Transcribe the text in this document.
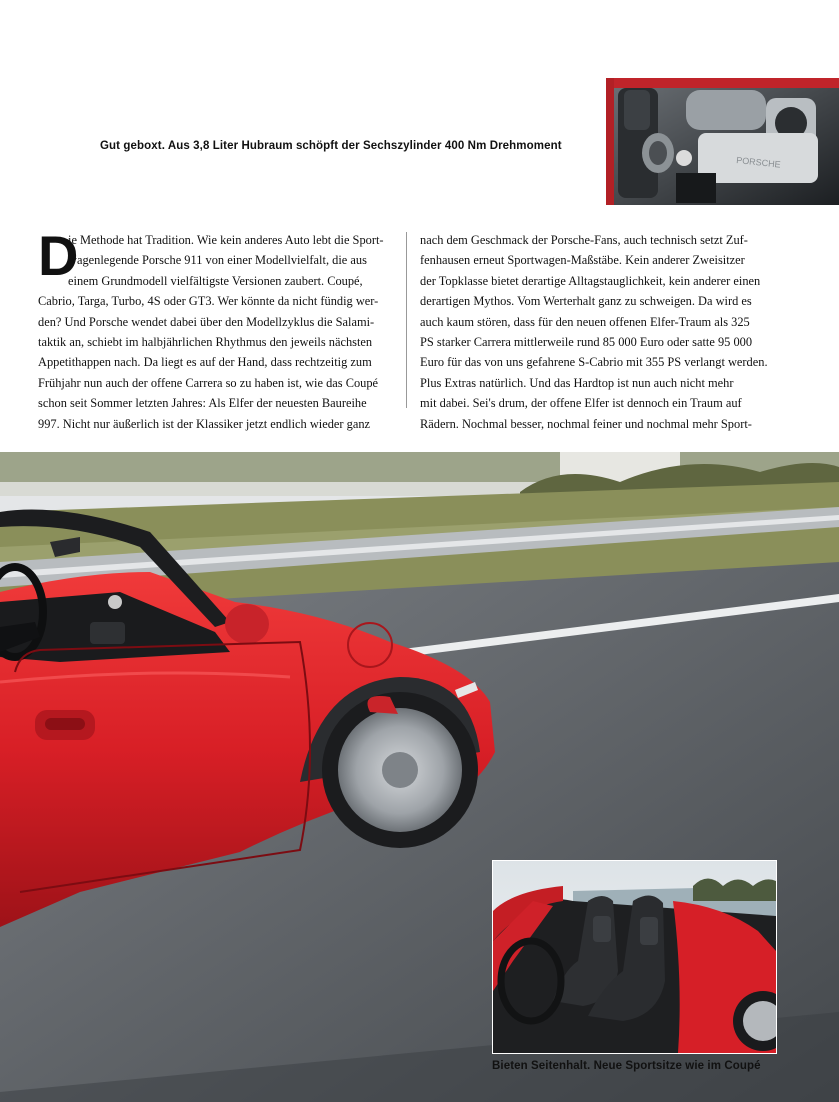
PORSCHE
Gut geboxt. Aus 3,8 Liter Hubraum schöpft der Sechszylinder 400 Nm Drehmoment
D
ie Methode hat Tradition. Wie kein anderes Auto lebt die Sport-
wagenlegende Porsche 911 von einer Modellvielfalt, die aus
einem Grundmodell vielfältigste Versionen zaubert. Coupé,
Cabrio, Targa, Turbo, 4S oder GT3. Wer könnte da nicht fündig wer-
den? Und Porsche wendet dabei über den Modellzyklus die Salami-
taktik an, schiebt im halbjährlichen Rhythmus den jeweils nächsten
Appetithappen nach. Da liegt es auf der Hand, dass rechtzeitig zum
Frühjahr nun auch der offene Carrera so zu haben ist, wie das Coupé
schon seit Sommer letzten Jahres: Als Elfer der neuesten Baureihe
997. Nicht nur äußerlich ist der Klassiker jetzt endlich wieder ganz
nach dem Geschmack der Porsche-Fans, auch technisch setzt Zuf-
fenhausen erneut Sportwagen-Maßstäbe. Kein anderer Zweisitzer
der Topklasse bietet derartige Alltagstauglichkeit, kein anderer einen
derartigen Mythos. Vom Werterhalt ganz zu schweigen. Da wird es
auch kaum stören, dass für den neuen offenen Elfer-Traum als 325
PS starker Carrera mittlerweile rund 85 000 Euro oder satte 95 000
Euro für das von uns gefahrene S-Cabrio mit 355 PS verlangt werden.
Plus Extras natürlich. Und das Hardtop ist nun auch nicht mehr
mit dabei. Sei's drum, der offene Elfer ist dennoch ein Traum auf
Rädern. Nochmal besser, nochmal feiner und nochmal mehr Sport-
Bieten Seitenhalt. Neue Sportsitze wie im Coupé
